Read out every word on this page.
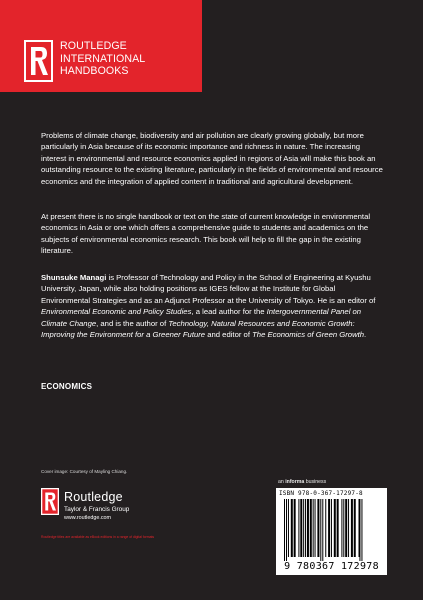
ROUTLEDGE
INTERNATIONAL
HANDBOOKS
Problems of climate change, biodiversity and air pollution are clearly growing globally, but more particularly in Asia because of its economic importance and richness in nature. The increasing interest in environmental and resource economics applied in regions of Asia will make this book an outstanding resource to the existing literature, particularly in the fields of environmental and resource economics and the integration of applied content in traditional and agricultural development.
At present there is no single handbook or text on the state of current knowledge in environmental economics in Asia or one which offers a comprehensive guide to students and academics on the subjects of environmental economics research. This book will help to fill the gap in the existing literature.
Shunsuke Managi is Professor of Technology and Policy in the School of Engineering at Kyushu University, Japan, while also holding positions as IGES fellow at the Institute for Global Environmental Strategies and as an Adjunct Professor at the University of Tokyo. He is an editor of Environmental Economic and Policy Studies, a lead author for the Intergovernmental Panel on Climate Change, and is the author of Technology, Natural Resources and Economic Growth: Improving the Environment for a Greener Future and editor of The Economics of Green Growth.
ECONOMICS
Cover image: Courtesy of Mayling Chiang.
Routledge
Taylor & Francis Group
www.routledge.com
Routledge titles are available as eBook editions in a range of digital formats
an informa business
ISBN 978-0-367-17297-8
9 780367 172978
